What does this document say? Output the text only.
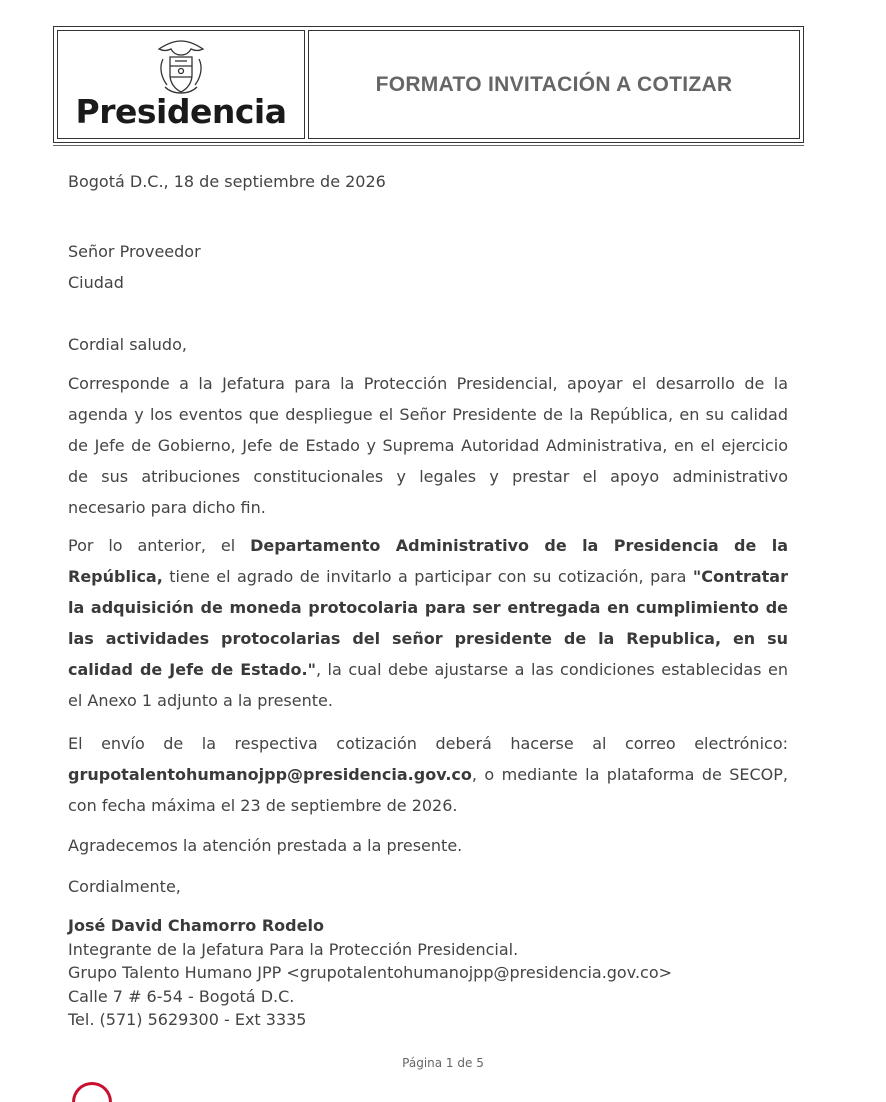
Presidencia
FORMATO INVITACIÓN A COTIZAR
Bogotá D.C., 18 de septiembre de 2026
Señor Proveedor
Ciudad
Cordial saludo,
Corresponde a la Jefatura para la Protección Presidencial, apoyar el desarrollo de la agenda y los eventos que despliegue el Señor Presidente de la República, en su calidad de Jefe de Gobierno, Jefe de Estado y Suprema Autoridad Administrativa, en el ejercicio de sus atribuciones constitucionales y legales y prestar el apoyo administrativo necesario para dicho fin.
Por lo anterior, el Departamento Administrativo de la Presidencia de la República, tiene el agrado de invitarlo a participar con su cotización, para "Contratar la adquisición de moneda protocolaria para ser entregada en cumplimiento de las actividades protocolarias del señor presidente de la Republica, en su calidad de Jefe de Estado.", la cual debe ajustarse a las condiciones establecidas en el Anexo 1 adjunto a la presente.
El envío de la respectiva cotización deberá hacerse al correo electrónico: grupotalentohumanojpp@presidencia.gov.co, o mediante la plataforma de SECOP, con fecha máxima el 23 de septiembre de 2026.
Agradecemos la atención prestada a la presente.
Cordialmente,
José David Chamorro Rodelo
Integrante de la Jefatura Para la Protección Presidencial.
Grupo Talento Humano JPP <grupotalentohumanojpp@presidencia.gov.co>
Calle 7 # 6-54 - Bogotá D.C.
Tel. (571) 5629300 - Ext 3335
Página 1 de 5
